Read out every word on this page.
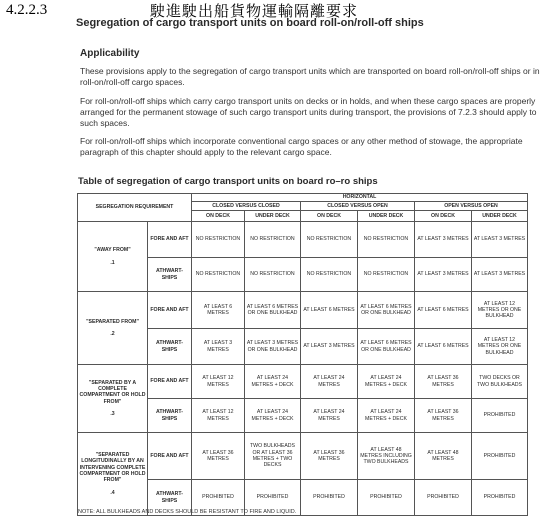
4.2.2.3	駛進駛出船貨物運輸隔離要求
Segregation of cargo transport units on board roll-on/roll-off ships
Applicability
These provisions apply to the segregation of cargo transport units which are transported on board roll-on/roll-off ships or in roll-on/roll-off cargo spaces.
For roll-on/roll-off ships which carry cargo transport units on decks or in holds, and when these cargo spaces are properly arranged for the permanent stowage of such cargo transport units during transport, the provisions of 7.2.3 should apply to such spaces.
For roll-on/roll-off ships which incorporate conventional cargo spaces or any other method of stowage, the appropriate paragraph of this chapter should apply to the relevant cargo space.
Table of segregation of cargo transport units on board ro–ro ships
SEGREGATION REQUIREMENT		HORIZONTAL					
		CLOSED VERSUS CLOSED		CLOSED VERSUS OPEN		OPEN VERSUS OPEN	
		ON DECK	UNDER DECK	ON DECK	UNDER DECK	ON DECK	UNDER DECK
"AWAY FROM"
.1	FORE AND AFT	NO RESTRICTION	NO RESTRICTION	NO RESTRICTION	NO RESTRICTION	AT LEAST 3 METRES	AT LEAST 3 METRES
	ATHWART-SHIPS	NO RESTRICTION	NO RESTRICTION	NO RESTRICTION	NO RESTRICTION	AT LEAST 3 METRES	AT LEAST 3 METRES
"SEPARATED FROM"
.2	FORE AND AFT	AT LEAST 6 METRES	AT LEAST 6 METRES OR ONE BULKHEAD	AT LEAST 6 METRES	AT LEAST 6 METRES OR ONE BULKHEAD	AT LEAST 6 METRES	AT LEAST 12 METRES OR ONE BULKHEAD
	ATHWART-SHIPS	AT LEAST 3 METRES	AT LEAST 3 METRES OR ONE BULKHEAD	AT LEAST 3 METRES	AT LEAST 6 METRES OR ONE BULKHEAD	AT LEAST 6 METRES	AT LEAST 12 METRES OR ONE BULKHEAD
"SEPARATED BY A COMPLETE COMPARTMENT OR HOLD FROM"
.3	FORE AND AFT	AT LEAST 12 METRES	AT LEAST 24 METRES + DECK	AT LEAST 24 METRES	AT LEAST 24 METRES + DECK	AT LEAST 36 METRES	TWO DECKS OR TWO BULKHEADS
	ATHWART-SHIPS	AT LEAST 12 METRES	AT LEAST 24 METRES + DECK	AT LEAST 24 METRES	AT LEAST 24 METRES + DECK	AT LEAST 36 METRES	PROHIBITED
"SEPARATED LONGITUDINALLY BY AN INTERVENING COMPLETE COMPARTMENT OR HOLD FROM"
.4	FORE AND AFT	AT LEAST 36 METRES	TWO BULKHEADS OR AT LEAST 36 METRES + TWO DECKS	AT LEAST 36 METRES	AT LEAST 48 METRES INCLUDING TWO BULKHEADS	AT LEAST 48 METRES	PROHIBITED
	ATHWART-SHIPS	PROHIBITED	PROHIBITED	PROHIBITED	PROHIBITED	PROHIBITED	PROHIBITED
NOTE: ALL BULKHEADS AND DECKS SHOULD BE RESISTANT TO FIRE AND LIQUID.
